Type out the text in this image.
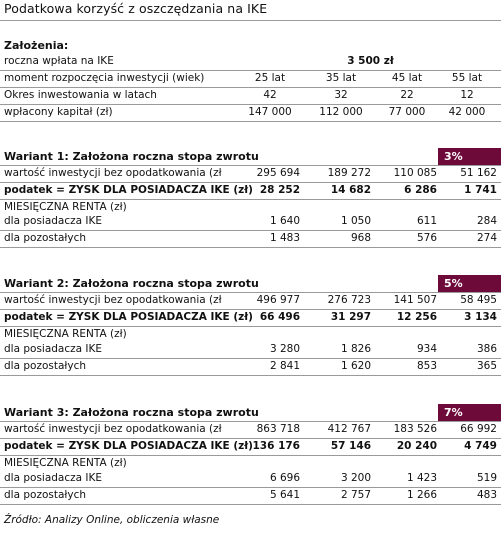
Podatkowa korzyść z oszczędzania na IKE
Założenia:
roczna wpłata na IKE	3 500 zł
moment rozpoczęcia inwestycji (wiek)	25 lat	35 lat	45 lat	55 lat
Okres inwestowania w latach	42	32	22	12
wpłacony kapitał (zł)	147 000	112 000	77 000	42 000
Wariant 1: Założona roczna stopa zwrotu	3%
wartość inwestycji bez opodatkowania (zł	295 694	189 272	110 085	51 162
podatek = ZYSK DLA POSIADACZA IKE (zł) 28 252	14 682	6 286	1 741
MIESIĘCZNA RENTA (zł)
dla posiadacza IKE	1 640	1 050	611	284
dla pozostałych	1 483	968	576	274
Wariant 2: Założona roczna stopa zwrotu	5%
wartość inwestycji bez opodatkowania (zł	496 977	276 723	141 507	58 495
podatek = ZYSK DLA POSIADACZA IKE (zł) 66 496	31 297	12 256	3 134
MIESIĘCZNA RENTA (zł)
dla posiadacza IKE	3 280	1 826	934	386
dla pozostałych	2 841	1 620	853	365
Wariant 3: Założona roczna stopa zwrotu	7%
wartość inwestycji bez opodatkowania (zł	863 718	412 767	183 526	66 992
podatek = ZYSK DLA POSIADACZA IKE (zł) 136 176	57 146	20 240	4 749
MIESIĘCZNA RENTA (zł)
dla posiadacza IKE	6 696	3 200	1 423	519
dla pozostałych	5 641	2 757	1 266	483
Źródło: Analizy Online, obliczenia własne
